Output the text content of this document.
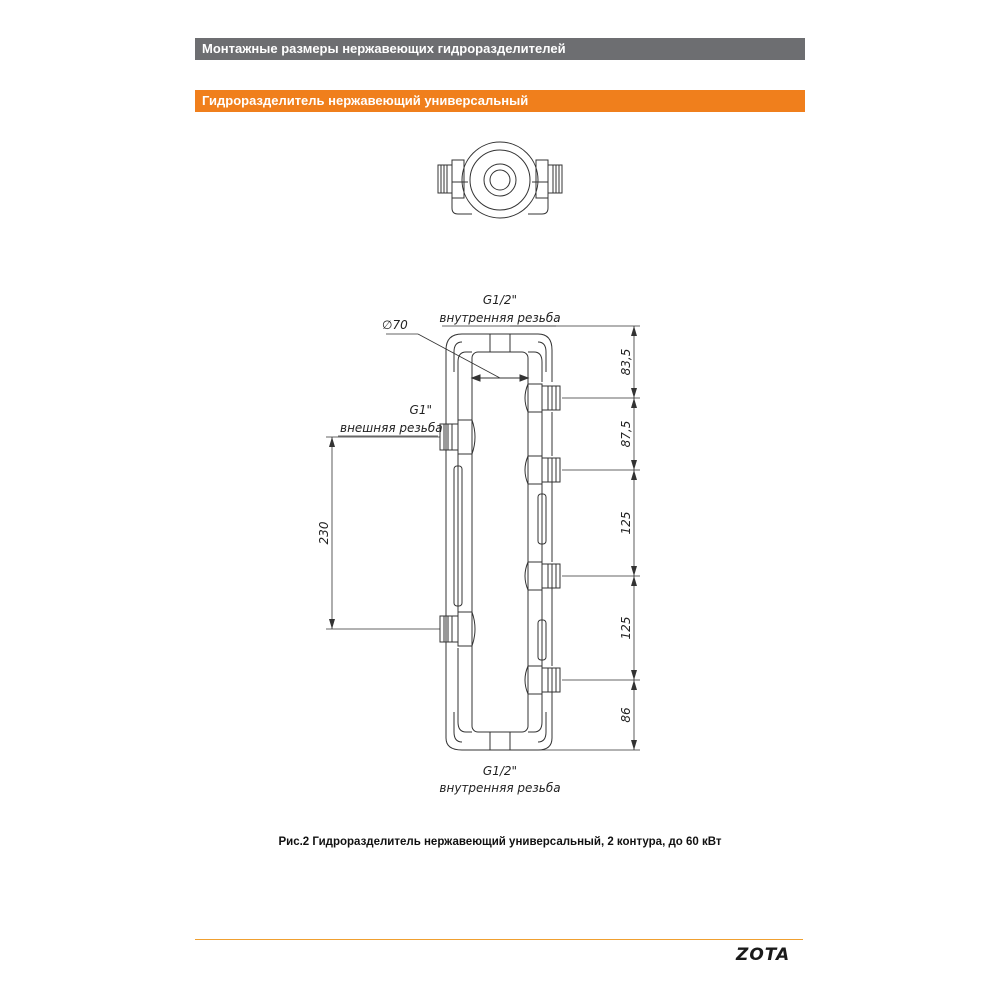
Монтажные размеры нержавеющих гидроразделителей
Гидроразделитель нержавеющий универсальный
G1/2"
внутренняя резьба
∅70
G1"
внешняя резьба
G1/2"
внутренняя резьба
83,5
87,5
125
125
86
230
Рис.2 Гидроразделитель нержавеющий универсальный, 2 контура, до 60 кВт
ZOTA
